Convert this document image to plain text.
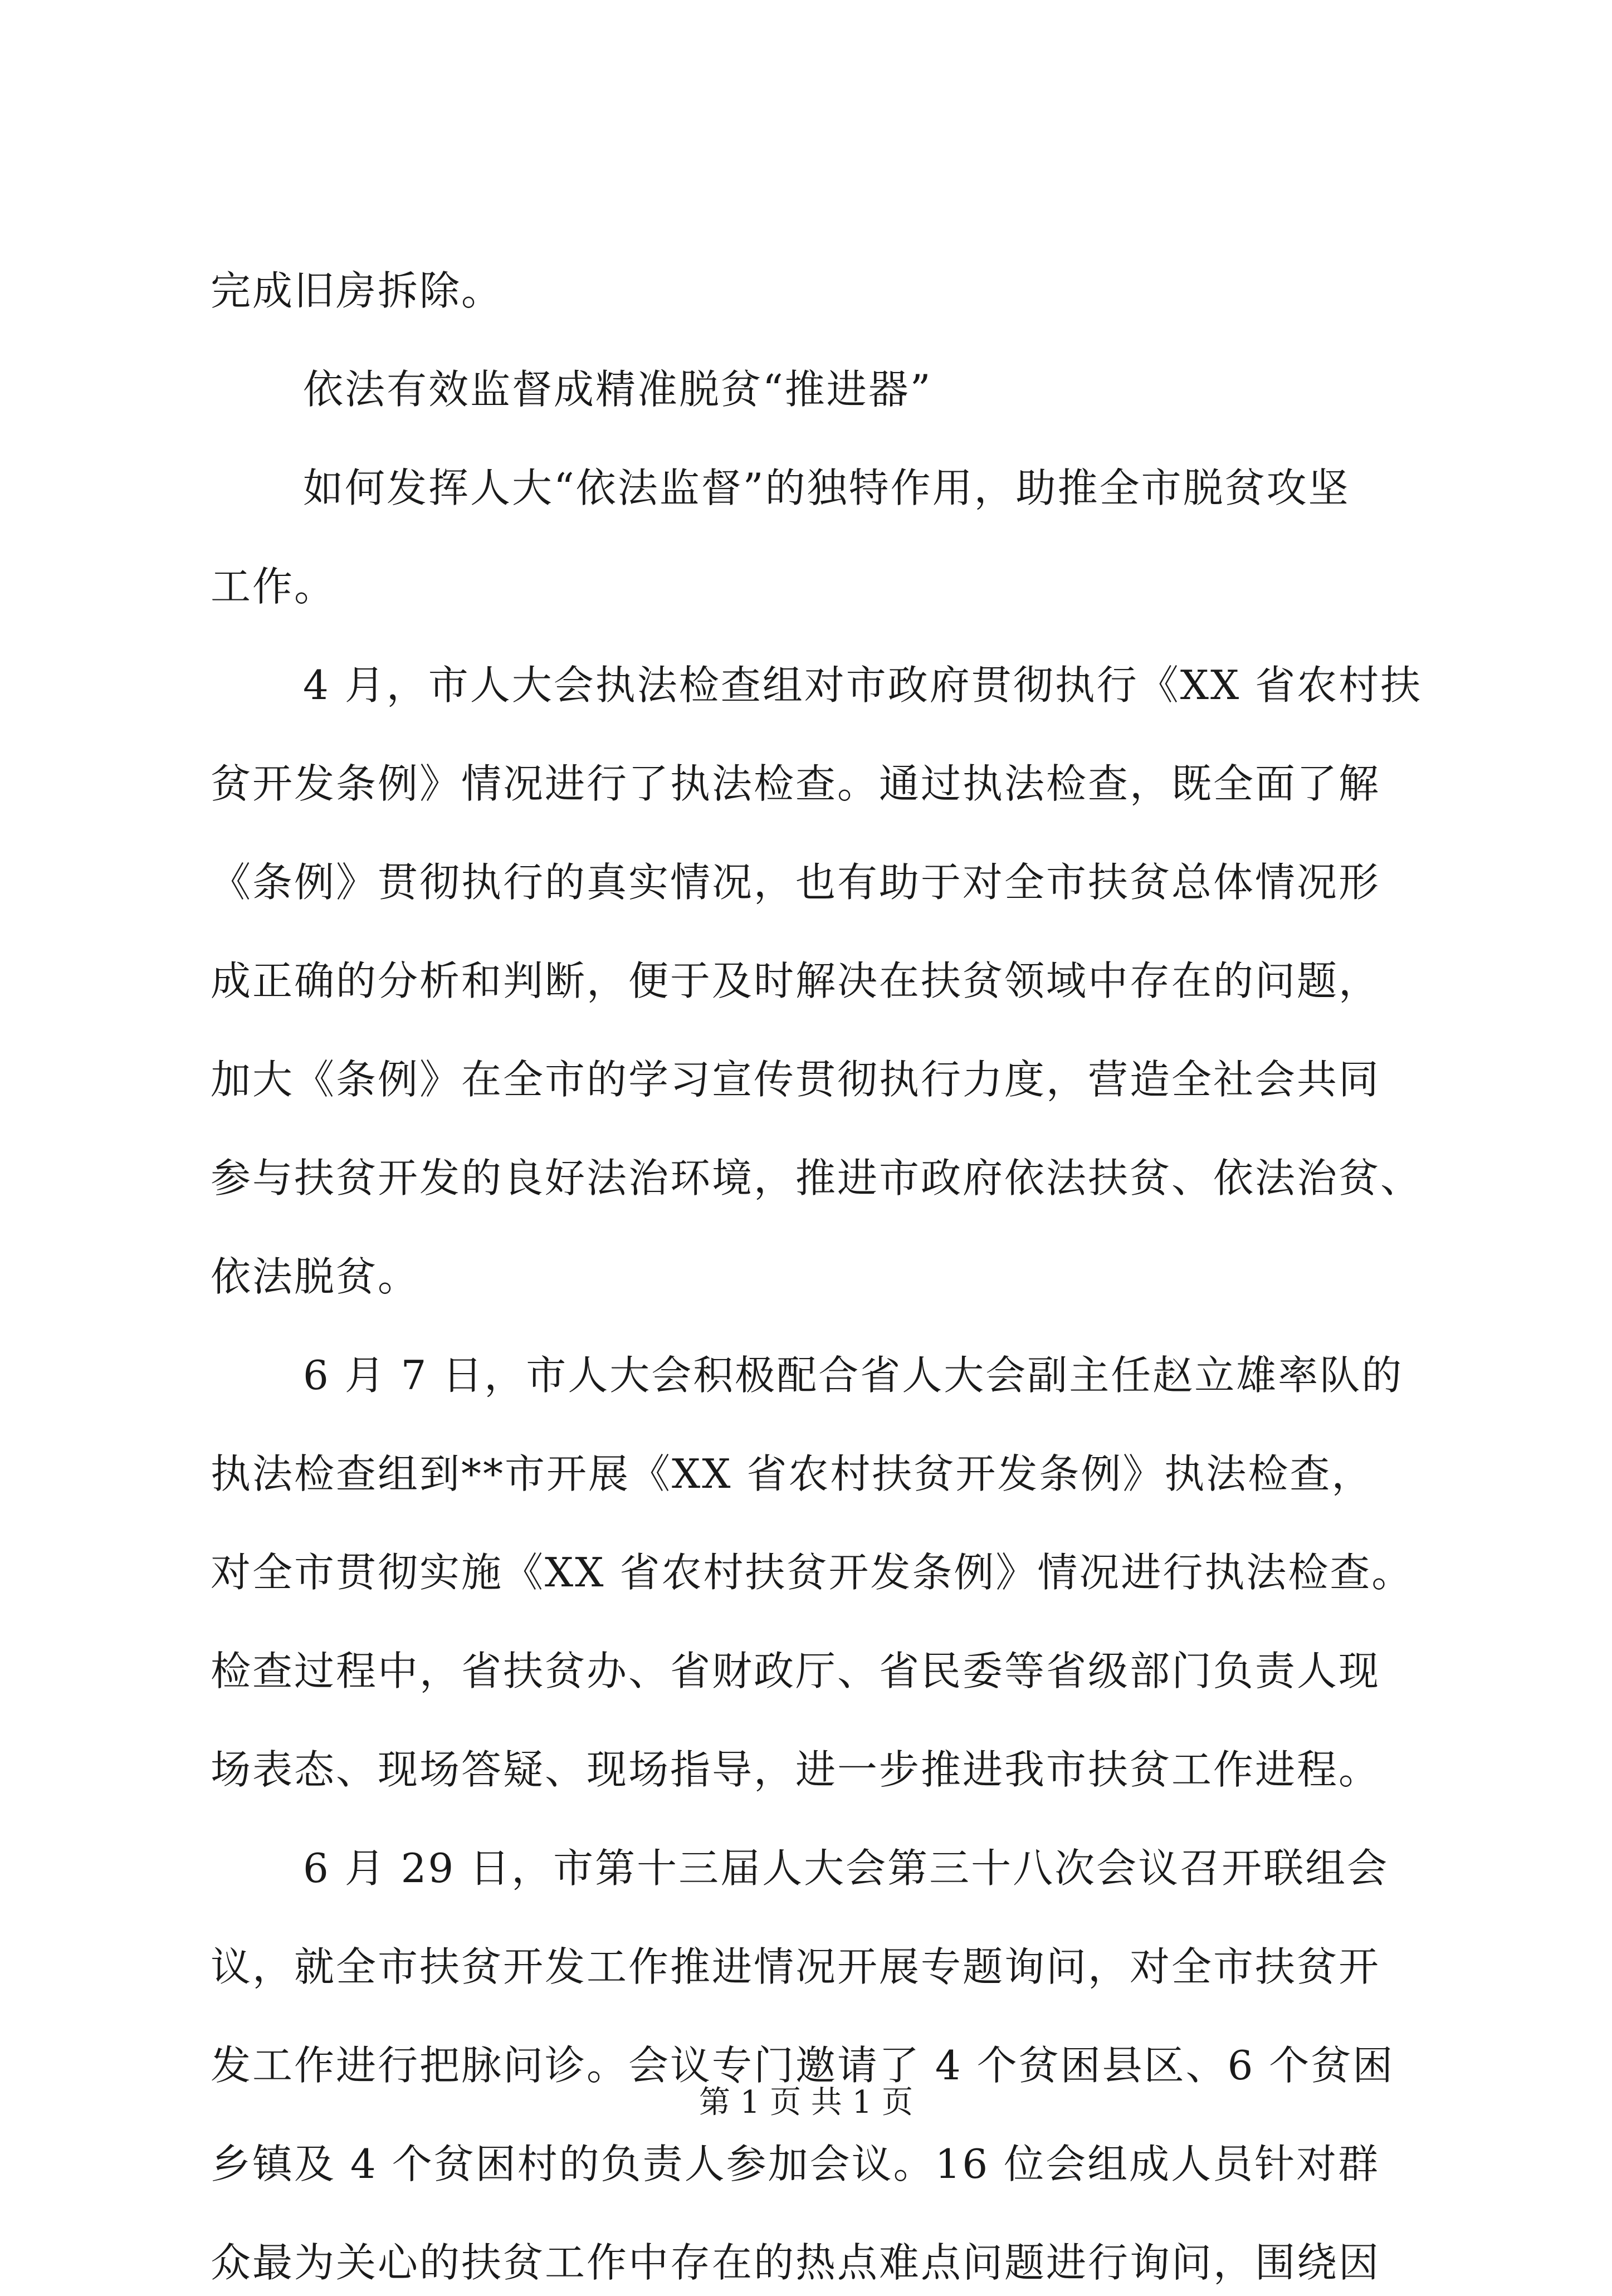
完成旧房拆除。
依法有效监督成精准脱贫“推进器”
如何发挥人大“依法监督”的独特作用，助推全市脱贫攻坚
工作。
4 月，市人大会执法检查组对市政府贯彻执行《XX 省农村扶
贫开发条例》情况进行了执法检查。通过执法检查，既全面了解
《条例》贯彻执行的真实情况，也有助于对全市扶贫总体情况形
成正确的分析和判断，便于及时解决在扶贫领域中存在的问题，
加大《条例》在全市的学习宣传贯彻执行力度，营造全社会共同
参与扶贫开发的良好法治环境，推进市政府依法扶贫、依法治贫、
依法脱贫。
6 月 7 日，市人大会积极配合省人大会副主任赵立雄率队的
执法检查组到**市开展《XX 省农村扶贫开发条例》执法检查，
对全市贯彻实施《XX 省农村扶贫开发条例》情况进行执法检查。
检查过程中，省扶贫办、省财政厅、省民委等省级部门负责人现
场表态、现场答疑、现场指导，进一步推进我市扶贫工作进程。
6 月 29 日，市第十三届人大会第三十八次会议召开联组会
议，就全市扶贫开发工作推进情况开展专题询问，对全市扶贫开
发工作进行把脉问诊。会议专门邀请了 4 个贫困县区、6 个贫困
乡镇及 4 个贫困村的负责人参加会议。16 位会组成人员针对群
众最为关心的扶贫工作中存在的热点难点问题进行询问，围绕因
第 1 页 共 1 页
